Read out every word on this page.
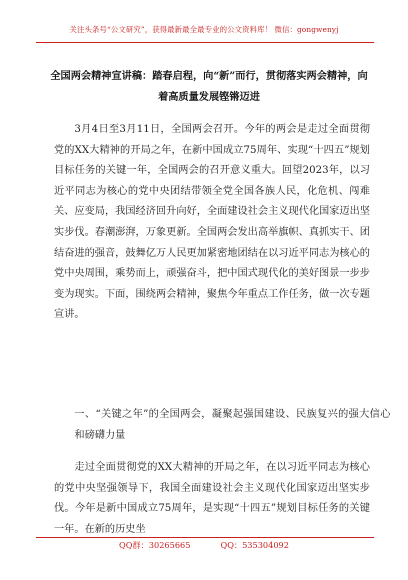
关注头条号“公文研究”，获得最新最全最专业的公文资料库！ 微信：gongwenyj
全国两会精神宣讲稿：踏春启程，向“新”而行，贯彻落实两会精神，向着高质量发展铿锵迈进
3月4日至3月11日，全国两会召开。今年的两会是走过全面贯彻党的XX大精神的开局之年，在新中国成立75周年、实现“十四五”规划目标任务的关键一年，全国两会的召开意义重大。回望2023年，以习近平同志为核心的党中央团结带领全党全国各族人民，化危机、闯难关、应变局，我国经济回升向好，全面建设社会主义现代化国家迈出坚实步伐。春潮澎湃，万象更新。全国两会发出高举旗帜、真抓实干、团结奋进的强音，鼓舞亿万人民更加紧密地团结在以习近平同志为核心的党中央周围，乘势而上，顽强奋斗，把中国式现代化的美好图景一步步变为现实。下面，围绕两会精神，聚焦今年重点工作任务，做一次专题宣讲。
一、“关键之年”的全国两会，凝聚起强国建设、民族复兴的强大信心和磅礴力量
走过全面贯彻党的XX大精神的开局之年，在以习近平同志为核心的党中央坚强领导下，我国全面建设社会主义现代化国家迈出坚实步伐。今年是新中国成立75周年，是实现“十四五”规划目标任务的关键一年。在新的历史坐
QQ群：30265665	QQ：535304092
